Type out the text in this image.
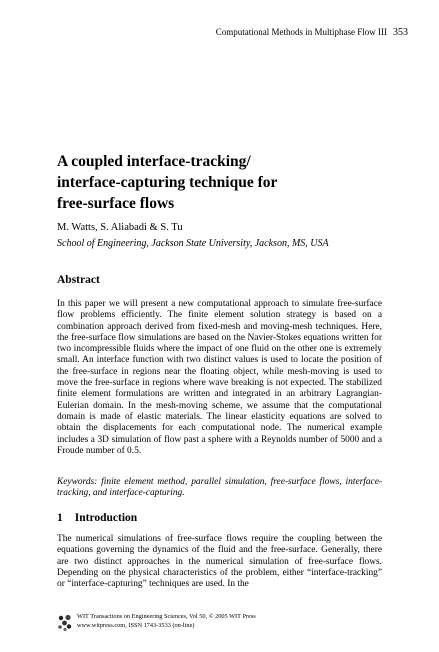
Computational Methods in Multiphase Flow III 353
A coupled interface-tracking/
interface-capturing technique for
free-surface flows
M. Watts, S. Aliabadi & S. Tu
School of Engineering, Jackson State University, Jackson, MS, USA
Abstract

In this paper we will present a new computational approach to simulate free-surface flow problems efficiently. The finite element solution strategy is based on a combination approach derived from fixed-mesh and moving-mesh techniques. Here, the free-surface flow simulations are based on the Navier-Stokes equations written for two incompressible fluids where the impact of one fluid on the other one is extremely small. An interface function with two distinct values is used to locate the position of the free-surface in regions near the floating object, while mesh-moving is used to move the free-surface in regions where wave breaking is not expected. The stabilized finite element formulations are written and integrated in an arbitrary Lagrangian-Eulerian domain. In the mesh-moving scheme, we assume that the computational domain is made of elastic materials. The linear elasticity equations are solved to obtain the displacements for each computational node. The numerical example includes a 3D simulation of flow past a sphere with a Reynolds number of 5000 and a Froude number of 0.5.

Keywords: finite element method, parallel simulation, free-surface flows, interface-tracking, and interface-capturing.

1 Introduction

The numerical simulations of free-surface flows require the coupling between the equations governing the dynamics of the fluid and the free-surface. Generally, there are two distinct approaches in the numerical simulation of free-surface flows. Depending on the physical characteristics of the problem, either “interface-tracking” or “interface-capturing” techniques are used. In the

WIT Transactions on Engineering Sciences, Vol 50, © 2005 WIT Press
www.witpress.com, ISSN 1743-3533 (on-line)
